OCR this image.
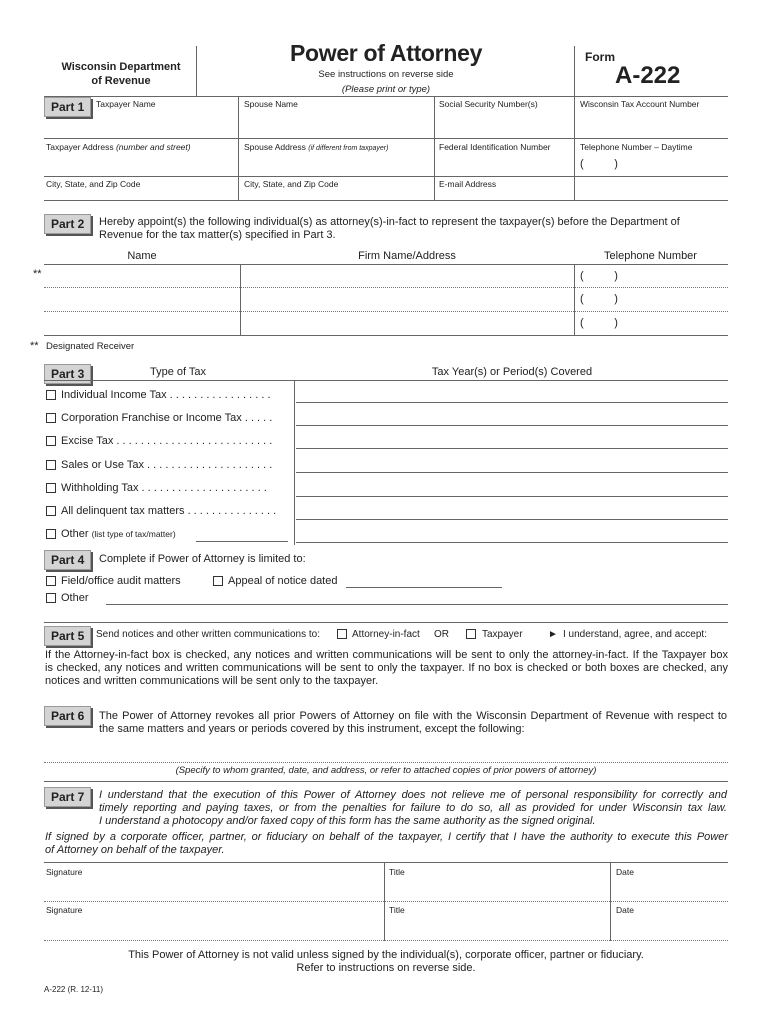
Wisconsin Department
of Revenue
Power of Attorney
See instructions on reverse side
(Please print or type)
Form
A-222
Part 1	Taxpayer Name	Spouse Name	Social Security Number(s)	Wisconsin Tax Account Number
Taxpayer Address (number and street)	Spouse Address (if different from taxpayer)	Federal Identification Number	Telephone Number – Daytime
(          )
City, State, and Zip Code	City, State, and Zip Code	E-mail Address
Part 2	Hereby appoint(s) the following individual(s) as attorney(s)-in-fact to represent the taxpayer(s) before the Department of
Revenue for the tax matter(s) specified in Part 3.
Name	Firm Name/Address	Telephone Number
**	(          )
(          )
(          )
** Designated Receiver
Part 3	Type of Tax	Tax Year(s) or Period(s) Covered
Individual Income Tax . . . . . . . . . . . . . . . . .
Corporation Franchise or Income Tax . . . . .
Excise Tax . . . . . . . . . . . . . . . . . . . . . . . . . .
Sales or Use Tax . . . . . . . . . . . . . . . . . . . . .
Withholding Tax . . . . . . . . . . . . . . . . . . . . .
All delinquent tax matters . . . . . . . . . . . . . . .
Other (list type of tax/matter)
Part 4	Complete if Power of Attorney is limited to:
Field/office audit matters	Appeal of notice dated
Other
Part 5	Send notices and other written communications to:	Attorney-in-fact OR	Taxpayer	► I understand, agree, and accept:
If the Attorney-in-fact box is checked, any notices and written communications will be sent to only the attorney-in-fact. If the Taxpayer box
is checked, any notices and written communications will be sent to only the taxpayer. If no box is checked or both boxes are checked, any
notices and written communications will be sent only to the taxpayer.
Part 6	The Power of Attorney revokes all prior Powers of Attorney on file with the Wisconsin Department of Revenue with respect to
the same matters and years or periods covered by this instrument, except the following:
(Specify to whom granted, date, and address, or refer to attached copies of prior powers of attorney)
Part 7	I understand that the execution of this Power of Attorney does not relieve me of personal responsibility for correctly and
timely reporting and paying taxes, or from the penalties for failure to do so, all as provided for under Wisconsin tax law.
I understand a photocopy and/or faxed copy of this form has the same authority as the signed original.
If signed by a corporate officer, partner, or fiduciary on behalf of the taxpayer, I certify that I have the authority to execute this Power
of Attorney on behalf of the taxpayer.
Signature	Title	Date
Signature	Title	Date
This Power of Attorney is not valid unless signed by the individual(s), corporate officer, partner or fiduciary.
Refer to instructions on reverse side.
A-222 (R. 12-11)
